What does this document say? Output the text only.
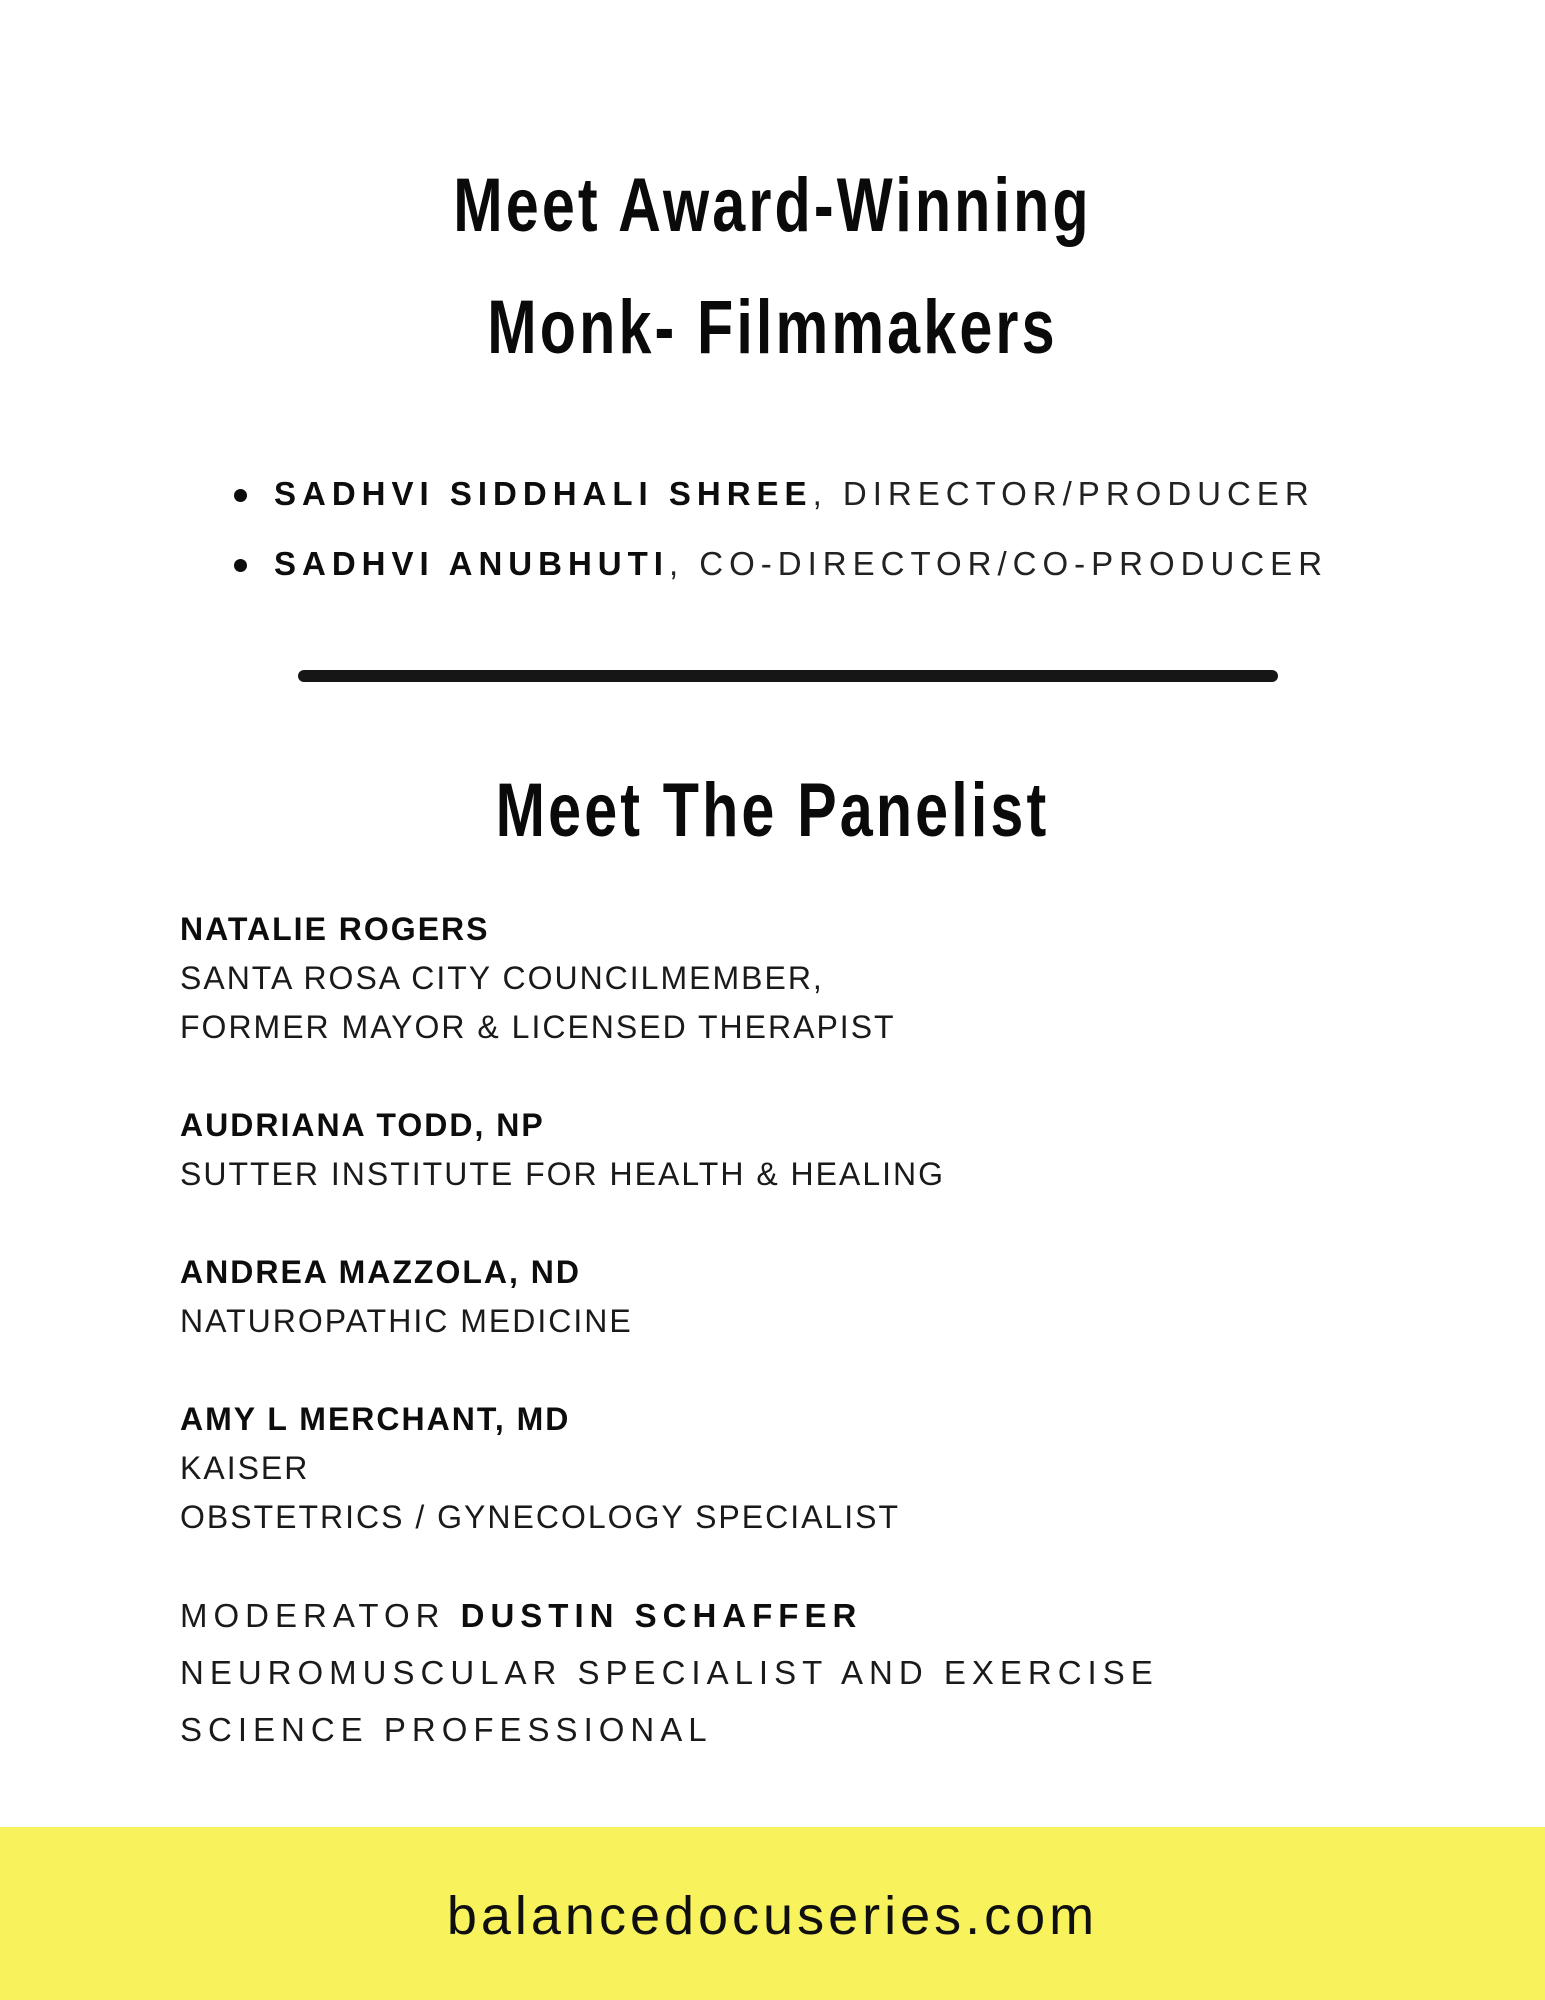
Meet Award-Winning
Monk- Filmmakers
SADHVI SIDDHALI SHREE, DIRECTOR/PRODUCER
SADHVI ANUBHUTI, CO-DIRECTOR/CO-PRODUCER
Meet The Panelist
NATALIE ROGERS
SANTA ROSA CITY COUNCILMEMBER,
FORMER MAYOR & LICENSED THERAPIST
AUDRIANA TODD, NP
SUTTER INSTITUTE FOR HEALTH & HEALING
ANDREA MAZZOLA, ND
NATUROPATHIC MEDICINE
AMY L MERCHANT, MD
KAISER
OBSTETRICS / GYNECOLOGY SPECIALIST
MODERATOR DUSTIN SCHAFFER
NEUROMUSCULAR SPECIALIST AND EXERCISE
SCIENCE PROFESSIONAL
balancedocuseries.com
